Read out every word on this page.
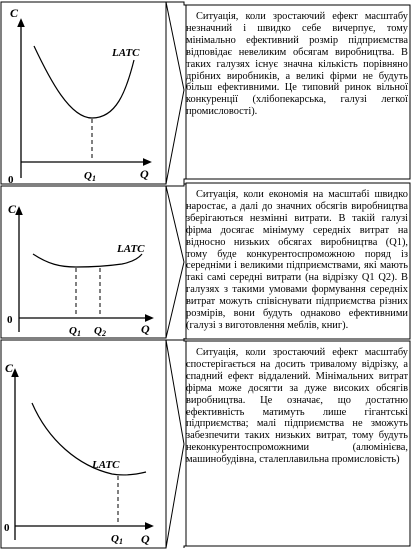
C
Q
0
LATC
Q1
C
Q
0
LATC
Q1 Q2
C
Q
0
LATC
Q1

Ситуація, коли зростаючий ефект масштабу незначний і швидко себе вичерпує, тому мінімально ефективний розмір підприємства відповідає невеликим обсягам виробництва. В таких галузях існує значна кількість порівняно дрібних виробників, а великі фірми не будуть більш ефективними. Це типовий ринок вільної конкуренції (хлібопекарська, галузі легкої промисловості).

Ситуація, коли економія на масштабі швидко наростає, а далі до значних обсягів виробництва зберігаються незмінні витрати. В такій галузі фірма досягає мінімуму середніх витрат на відносно низьких обсягах виробництва (Q1), тому буде конкурентоспроможною поряд із середніми і великими підприємствами, які мають такі самі середні витрати (на відрізку Q1 Q2). В галузях з такими умовами формування середніх витрат можуть співіснувати підприємства різних розмірів, вони будуть однаково ефективними (галузі з виготовлення меблів, книг).

Ситуація, коли зростаючий ефект масштабу спостерігається на досить тривалому відрізку, а спадний ефект віддалений. Мінімальних витрат фірма може досягти за дуже високих обсягів виробництва. Це означає, що достатню ефективність матимуть лише гігантські підприємства; малі підприємства не зможуть забезпечити таких низьких витрат, тому будуть неконкурентоспроможними (алюмінієва, машинобудівна, сталеплавильна промисловість)
